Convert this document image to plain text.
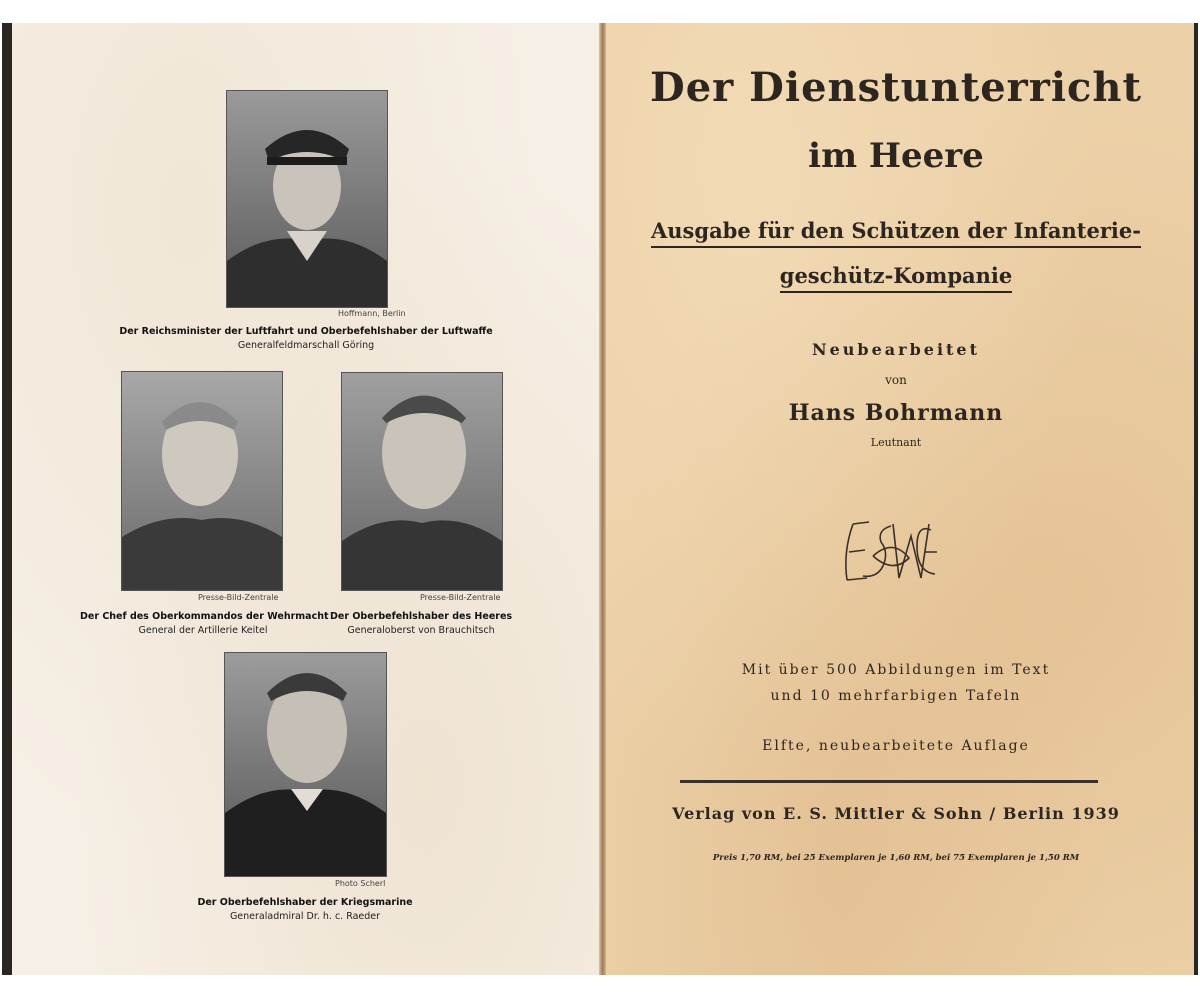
Hoffmann, Berlin
Der Reichsminister der Luftfahrt und Oberbefehlshaber der Luftwaffe
Generalfeldmarschall Göring
Presse-Bild-Zentrale
Der Chef des Oberkommandos der Wehrmacht
General der Artillerie Keitel
Presse-Bild-Zentrale
Der Oberbefehlshaber des Heeres
Generaloberst von Brauchitsch
Photo Scherl
Der Oberbefehlshaber der Kriegsmarine
Generaladmiral Dr. h. c. Raeder
Der Dienstunterricht
im Heere
Ausgabe für den Schützen der Infanterie-
geschütz-Kompanie
Neubearbeitet
von
Hans Bohrmann
Leutnant
Mit über 500 Abbildungen im Text
und 10 mehrfarbigen Tafeln
Elfte, neubearbeitete Auflage
Verlag von E. S. Mittler & Sohn / Berlin 1939
Preis 1,70 RM, bei 25 Exemplaren je 1,60 RM, bei 75 Exemplaren je 1,50 RM
